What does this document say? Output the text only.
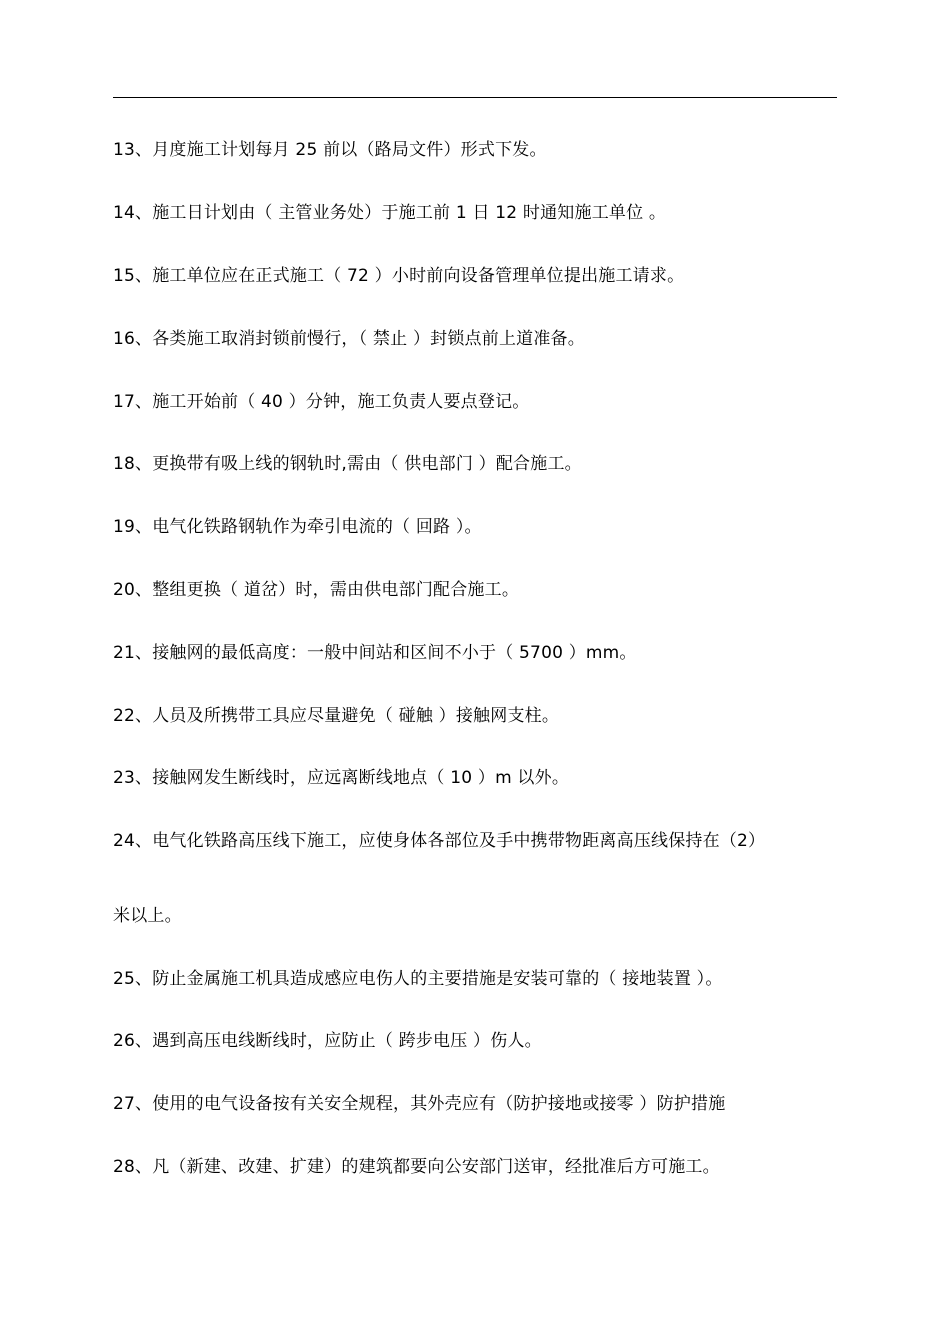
13、月度施工计划每月 25 前以（路局文件）形式下发。
14、施工日计划由（ 主管业务处）于施工前 1 日 12 时通知施工单位 。
15、施工单位应在正式施工（ 72 ）小时前向设备管理单位提出施工请求。
16、各类施工取消封锁前慢行，（ 禁止 ）封锁点前上道准备。
17、施工开始前（ 40 ）分钟，施工负责人要点登记。
18、更换带有吸上线的钢轨时,需由（ 供电部门 ）配合施工。
19、电气化铁路钢轨作为牵引电流的（ 回路 ）。
20、整组更换（ 道岔）时，需由供电部门配合施工。
21、接触网的最低高度：一般中间站和区间不小于（ 5700 ）mm。
22、人员及所携带工具应尽量避免（ 碰触 ）接触网支柱。
23、接触网发生断线时，应远离断线地点（ 10 ）m 以外。
24、电气化铁路高压线下施工，应使身体各部位及手中携带物距离高压线保持在（2）
米以上。
25、防止金属施工机具造成感应电伤人的主要措施是安装可靠的（ 接地装置 ）。
26、遇到高压电线断线时，应防止（ 跨步电压 ）伤人。
27、使用的电气设备按有关安全规程，其外壳应有（防护接地或接零 ）防护措施
28、凡（新建、改建、扩建）的建筑都要向公安部门送审，经批准后方可施工。
